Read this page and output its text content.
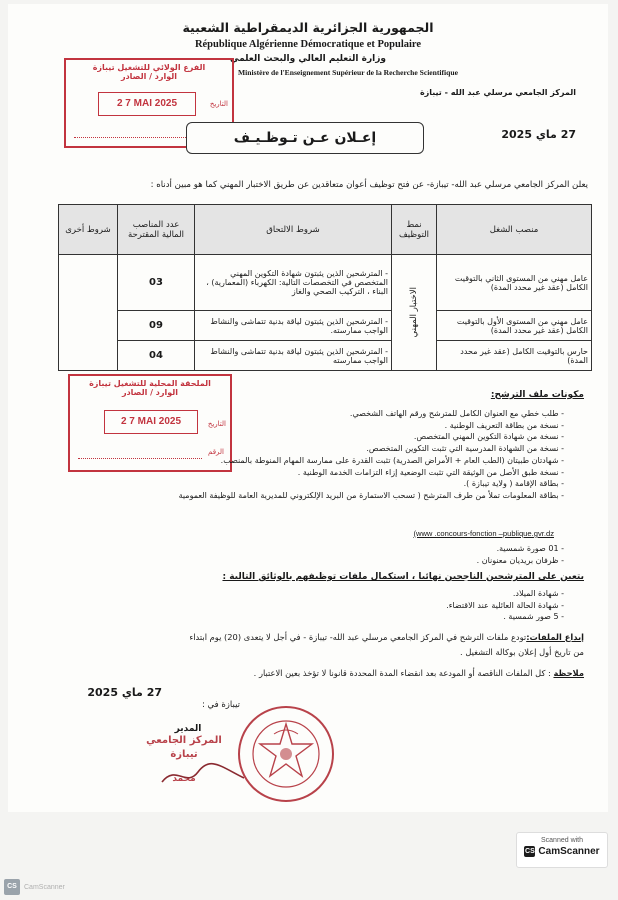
الجمهورية الجزائرية الديمقراطية الشعبية
République Algérienne Démocratique et Populaire
وزارة التعليم العالي والبحث العلمي
Ministère de l'Enseignement Supérieur de la Recherche Scientifique
المركز الجامعي مرسلي عبد الله - تيبازة
الفرع الولائي للتشغيل تيبازة
الوارد / الصادر
التاريخ
2 7 MAI 2025
إعـلان عـن تـوظـيـف	27 ماي 2025
يعلن المركز الجامعي مرسلي عبد الله- تيبازة- عن فتح توظيف أعوان متعاقدين عن طريق الاختبار المهني كما هو مبين أدناه :
منصب الشغل	نمط التوظيف	شروط الالتحاق	عدد المناصب المالية المقترحة	شروط أخرى
عامل مهني من المستوى الثاني بالتوقيت الكامل (عقد غير محدد المدة)	الاختبار المهني	- المترشحين الذين يثبتون شهادة التكوين المهني المتخصص في التخصصات التالية: الكهرباء (المعمارية) ، البناء ، التركيب الصحي والغاز	03	
عامل مهني من المستوى الأول بالتوقيت الكامل (عقد غير محدد المدة)		- المترشحين الذين يثبتون لياقة بدنية تتماشى والنشاط الواجب ممارسته.	09	
حارس بالتوقيت الكامل (عقد غير محدد المدة)		- المترشحين الذين يثبتون لياقة بدنية تتماشى والنشاط الواجب ممارسته	04	
الملحقة المحلية للتشغيل تيبازة
الوارد / الصادر
التاريخ
2 7 MAI 2025
الرقم
مكونات ملف الترشح:
- طلب خطي مع العنوان الكامل للمترشح ورقم الهاتف الشخصي.
- نسخة من بطاقة التعريف الوطنية .
- نسخة من شهادة التكوين المهني المتخصص.
- نسخة من الشهادة المدرسية التي تثبت التكوين المتخصص.
- شهادتان طبيتان (الطب العام + الأمراض الصدرية) تثبت القدرة على ممارسة المهام المنوطة بالمنصب.
- نسخة طبق الأصل من الوثيقة التي تثبت الوضعية إزاء التزامات الخدمة الوطنية .
- بطاقة الإقامة ( ولاية تيبازة ).
- بطاقة المعلومات تملأ من طرف المترشح ( تسحب الاستمارة من البريد الإلكتروني للمديرية العامة للوظيفة العمومية
(www .concours-fonction –publique.gvr.dz
- 01 صورة شمسية.
- ظرفان بريديان معنونان .
يتعين على المترشحين الناجحين نهائيا ، استكمال ملفات توظيفهم بالوثائق التالية :
- شهادة الميلاد.
- شهادة الحالة العائلية عند الاقتضاء.
- 5 صور شمسية .
إيداع الملفات:تودع ملفات الترشح في المركز الجامعي مرسلي عبد الله- تيبازة - في أجل لا يتعدى (20) يوم ابتداء
من تاريخ أول إعلان بوكالة التشغيل .
ملاحظة : كل الملفات الناقصة أو المودعة بعد انقضاء المدة المحددة قانونا لا تؤخذ بعين الاعتبار .
27 ماي 2025
تيبازة في :
المدير
المركز الجامعي تيبازة
محمد
Scanned with
CS CamScanner
CS	CamScanner
